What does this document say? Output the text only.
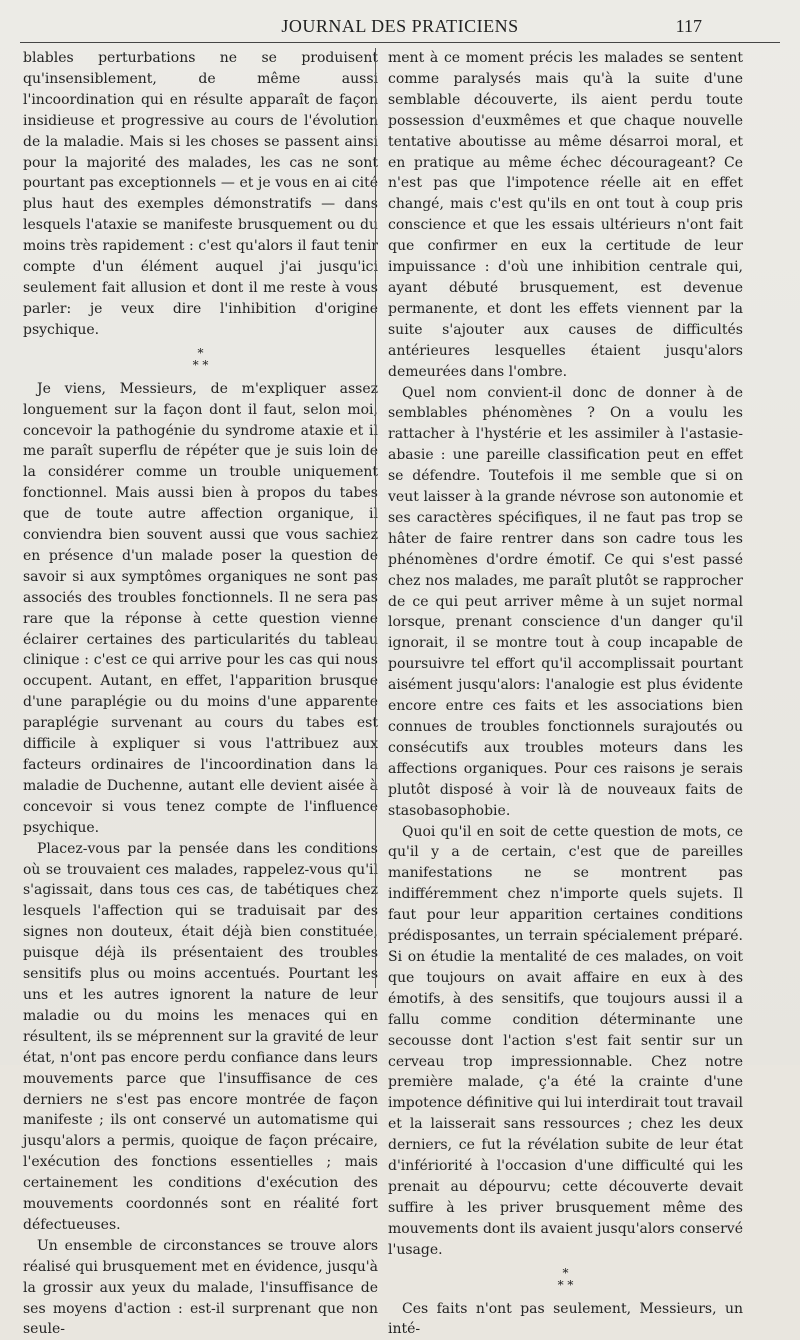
JOURNAL DES PRATICIENS	117

blables perturbations ne se produisent qu'insensiblement, de même aussi l'incoordination qui en résulte apparaît de façon insidieuse et progressive au cours de l'évolution de la maladie. Mais si les choses se passent ainsi pour la majorité des malades, les cas ne sont pourtant pas exceptionnels — et je vous en ai cité plus haut des exemples démonstratifs — dans lesquels l'ataxie se manifeste brusquement ou du moins très rapidement : c'est qu'alors il faut tenir compte d'un élément auquel j'ai jusqu'ici seulement fait allusion et dont il me reste à vous parler: je veux dire l'inhibition d'origine psychique.

*
* *

Je viens, Messieurs, de m'expliquer assez longuement sur la façon dont il faut, selon moi, concevoir la pathogénie du syndrome ataxie et il me paraît superflu de répéter que je suis loin de la considérer comme un trouble uniquement fonctionnel. Mais aussi bien à propos du tabes que de toute autre affection organique, il conviendra bien souvent aussi que vous sachiez en présence d'un malade poser la question de savoir si aux symptômes organiques ne sont pas associés des troubles fonctionnels. Il ne sera pas rare que la réponse à cette question vienne éclairer certaines des particularités du tableau clinique : c'est ce qui arrive pour les cas qui nous occupent. Autant, en effet, l'apparition brusque d'une paraplégie ou du moins d'une apparente paraplégie survenant au cours du tabes est difficile à expliquer si vous l'attribuez aux facteurs ordinaires de l'incoordination dans la maladie de Duchenne, autant elle devient aisée à concevoir si vous tenez compte de l'influence psychique.

Placez-vous par la pensée dans les conditions où se trouvaient ces malades, rappelez-vous qu'il s'agissait, dans tous ces cas, de tabétiques chez lesquels l'affection qui se traduisait par des signes non douteux, était déjà bien constituée, puisque déjà ils présentaient des troubles sensitifs plus ou moins accentués. Pourtant les uns et les autres ignorent la nature de leur maladie ou du moins les menaces qui en résultent, ils se méprennent sur la gravité de leur état, n'ont pas encore perdu confiance dans leurs mouvements parce que l'insuffisance de ces derniers ne s'est pas encore montrée de façon manifeste ; ils ont conservé un automatisme qui jusqu'alors a permis, quoique de façon précaire, l'exécution des fonctions essentielles ; mais certainement les conditions d'exécution des mouvements coordonnés sont en réalité fort défectueuses.

Un ensemble de circonstances se trouve alors réalisé qui brusquement met en évidence, jusqu'à la grossir aux yeux du malade, l'insuffisance de ses moyens d'action : est-il surprenant que non seule-

ment à ce moment précis les malades se sentent comme paralysés mais qu'à la suite d'une semblable découverte, ils aient perdu toute possession d'euxmêmes et que chaque nouvelle tentative aboutisse au même désarroi moral, et en pratique au même échec décourageant? Ce n'est pas que l'impotence réelle ait en effet changé, mais c'est qu'ils en ont tout à coup pris conscience et que les essais ultérieurs n'ont fait que confirmer en eux la certitude de leur impuissance : d'où une inhibition centrale qui, ayant débuté brusquement, est devenue permanente, et dont les effets viennent par la suite s'ajouter aux causes de difficultés antérieures lesquelles étaient jusqu'alors demeurées dans l'ombre.

Quel nom convient-il donc de donner à de semblables phénomènes ? On a voulu les rattacher à l'hystérie et les assimiler à l'astasie-abasie : une pareille classification peut en effet se défendre. Toutefois il me semble que si on veut laisser à la grande névrose son autonomie et ses caractères spécifiques, il ne faut pas trop se hâter de faire rentrer dans son cadre tous les phénomènes d'ordre émotif. Ce qui s'est passé chez nos malades, me paraît plutôt se rapprocher de ce qui peut arriver même à un sujet normal lorsque, prenant conscience d'un danger qu'il ignorait, il se montre tout à coup incapable de poursuivre tel effort qu'il accomplissait pourtant aisément jusqu'alors: l'analogie est plus évidente encore entre ces faits et les associations bien connues de troubles fonctionnels surajoutés ou consécutifs aux troubles moteurs dans les affections organiques. Pour ces raisons je serais plutôt disposé à voir là de nouveaux faits de stasobasophobie.

Quoi qu'il en soit de cette question de mots, ce qu'il y a de certain, c'est que de pareilles manifestations ne se montrent pas indifféremment chez n'importe quels sujets. Il faut pour leur apparition certaines conditions prédisposantes, un terrain spécialement préparé. Si on étudie la mentalité de ces malades, on voit que toujours on avait affaire en eux à des émotifs, à des sensitifs, que toujours aussi il a fallu comme condition déterminante une secousse dont l'action s'est fait sentir sur un cerveau trop impressionnable. Chez notre première malade, ç'a été la crainte d'une impotence définitive qui lui interdirait tout travail et la laisserait sans ressources ; chez les deux derniers, ce fut la révélation subite de leur état d'infériorité à l'occasion d'une difficulté qui les prenait au dépourvu; cette découverte devait suffire à les priver brusquement même des mouvements dont ils avaient jusqu'alors conservé l'usage.

*
* *

Ces faits n'ont pas seulement, Messieurs, un inté-
